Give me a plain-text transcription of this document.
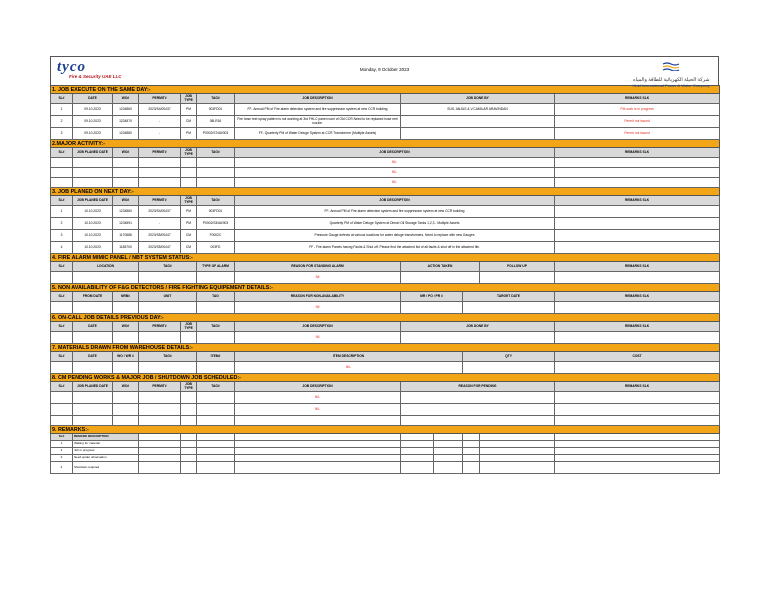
tyco
Fire & Security UAE LLC
Monday, 9 October 2023
شركة الحيلة الكهربائية للطاقة والمياه
Hidd International Power & Water Company
1. JOB EXECUTE ON THE SAME DAY:-											
SL#	DATE	WO#	PERMIT#	JOB TYPE	TAG#	JOB DESCRIPTION	JOB DONE BY				REMARKS SLK
1	09.10.2023	1234560	2023/S4/00437	PM	003FD01	FF- Annual PM of Fire alarm detection system and fire suppression system at new CCR building	SUS, ANJUS & V.CAMILAR ARAVINDAN				PM work is in progress
2	09.10.2023	1234570	-	CM	08LR16	Fire hose reel spray pattern is not working at 3rd FHLC panel room of Old CCR.Need to be replaced hose reel nozzle.					Permit not issued
3	09.10.2023	1234580	-	PM	P0002/S7/All/003	FF- Quarterly PM of Water Deluge System at CCR Transformer (Multiple Assets)					Permit not issued
2.MAJOR ACTIVITY:-											
SL#	JOB PLANED DATE	WO#	PERMIT#	JOB TYPE	TAG#	JOB DESCRIPTION					REMARKS SLK
						NIL					
						NIL					
						NIL					
3. JOB PLANED ON NEXT DAY:-											
SL#	JOB PLANED DATE	WO#	PERMIT#	JOB TYPE	TAG#	JOB DESCRIPTION					REMARKS SLK
1	10.10.2023	1234560	2023/S4/00437	PM	003FD01	FF- Annual PM of Fire alarm detection system and fire suppression system at new CCR building					
2	10.10.2023	1234591	-	PM	P0002/S3/All/003	Quarterly PM of Water Deluge System at Diesel Oil Storage Tanks 1,2,3 - Multiple Assets					
3	10.10.2023	1170686	2023/S5/00447	CM	F0002C	Pressure Gauge defects at various locations for water deluge transformers. Need to replace with new Gauges					
4	10.10.2023	1185700	2023/S5/00447	CM	003FD	FF - Fire alarm Panels having Faults & Shut off. Please find the attached list of all faults & shut off in the attached file.					
4. FIRE ALARM MIMIC PANEL / NBT SYSTEM STATUS:-											
SL#	LOCATION		TAG#		TYPE OF ALARM	REASON FOR STANDING ALARM	ACTION TAKEN			FOLLOW UP	REMARKS SLK
						Nil					
5. NON AVAILABILITY OF F&G DETECTORS / FIRE FIGHTING EQUIPEMENT DETAILS:-											
SL#	FROM DATE	NRB#	UNIT		TAG	REASON FOR NON-AVAILABILITY	MR / PO / PR #		TARGET DATE		REMARKS SLK
						Nil					
6. ON-CALL JOB DETAILS PREVIOUS DAY:-											
SL#	DATE	WO#	PERMIT#	JOB TYPE	TAG#	JOB DESCRIPTION	JOB DONE BY				REMARKS SLK
						Nil					
7. MATERIALS DRAWN FROM WAREHOUSE DETAILS:-											
SL#	DATE	WO / WR #	TAG#		ITEM#	ITEM DESCRIPTION			QTY		COST
						NIL					
8. CM PENDING WORKS & MAJOR JOB / SHUTDOWN JOB SCHEDULED:-											
SL#	JOB PLANED DATE	WO#	PERMIT#	JOB TYPE	TAG#	JOB DESCRIPTION	REASON FOR PENDING				REMARKS SLK
						NIL					
						NIL					

9. REMARKS:-											
SL#	REMARK DESCRIPTION										
1	Waiting for material										
2	Job in progress										
3	Need spider observation										
4	Shutdown required										
